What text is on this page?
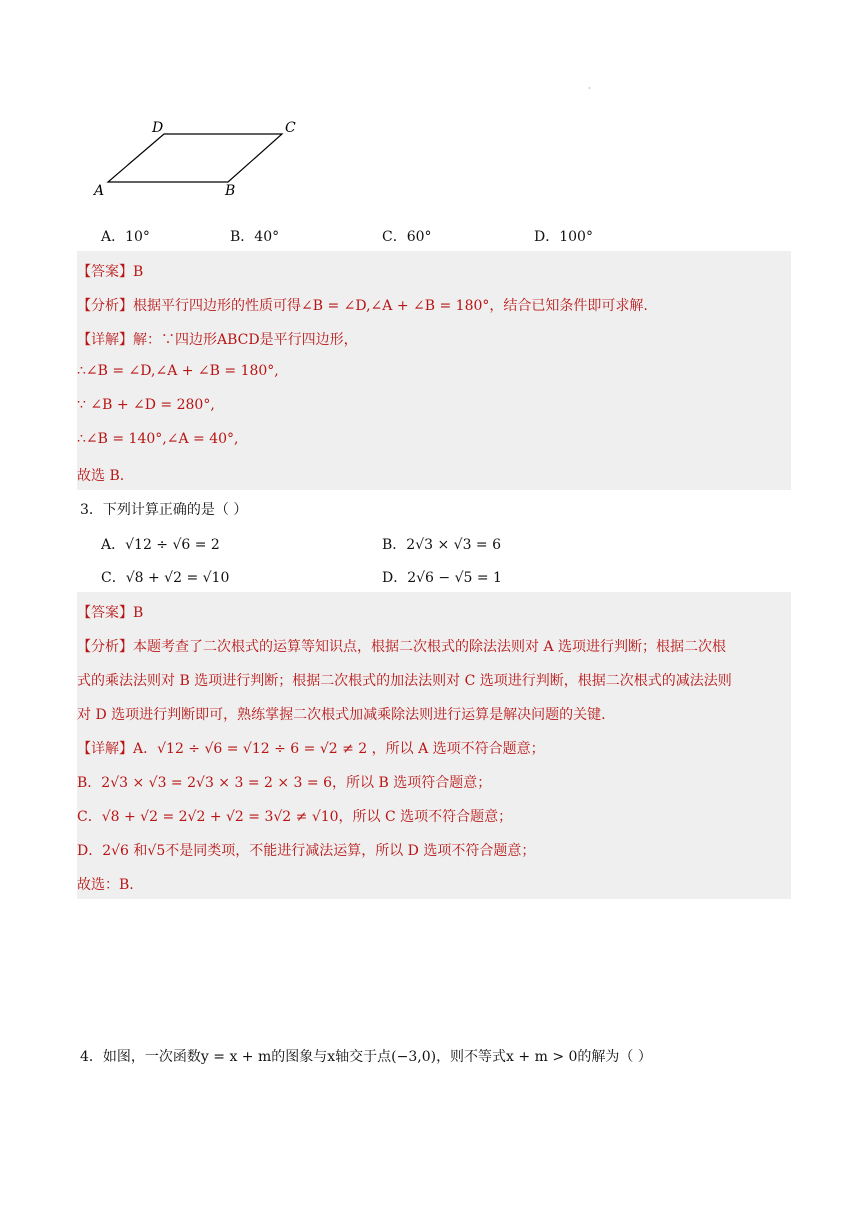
·
D	C
A	B
A．10°	B．40°	C．60°	D．100°
【答案】B
【分析】根据平行四边形的性质可得∠B = ∠D,∠A + ∠B = 180°，结合已知条件即可求解.
【详解】解：∵四边形ABCD是平行四边形，
∴∠B = ∠D,∠A + ∠B = 180°,
∵ ∠B + ∠D = 280°,
∴∠B = 140°,∠A = 40°,
故选 B.
3．下列计算正确的是（ ）
A．√12 ÷ √6 = 2	B．2√3 × √3 = 6
C．√8 + √2 = √10	D．2√6 − √5 = 1
【答案】B
【分析】本题考查了二次根式的运算等知识点，根据二次根式的除法法则对 A 选项进行判断；根据二次根
式的乘法法则对 B 选项进行判断；根据二次根式的加法法则对 C 选项进行判断，根据二次根式的减法法则
对 D 选项进行判断即可，熟练掌握二次根式加减乘除法则进行运算是解决问题的关键.
【详解】A．√12 ÷ √6 = √12 ÷ 6 = √2 ≠ 2 ，所以 A 选项不符合题意；
B．2√3 × √3 = 2√3 × 3 = 2 × 3 = 6，所以 B 选项符合题意；
C．√8 + √2 = 2√2 + √2 = 3√2 ≠ √10，所以 C 选项不符合题意；
D．2√6 和√5不是同类项，不能进行减法运算，所以 D 选项不符合题意；
故选：B.
4．如图，一次函数y = x + m的图象与x轴交于点(−3,0)，则不等式x + m > 0的解为（ ）
